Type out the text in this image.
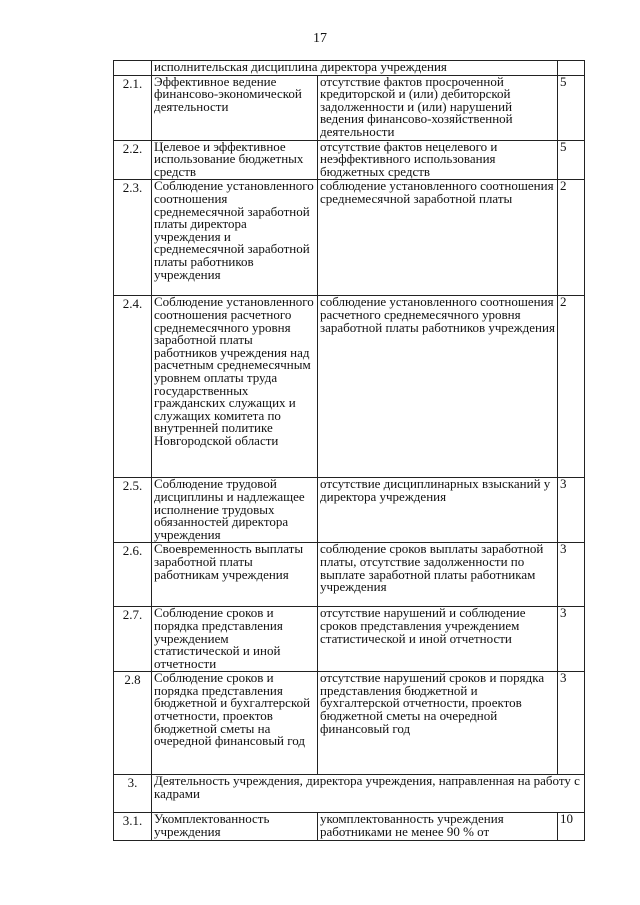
17
	исполнительская дисциплина директора учреждения		
2.1.	Эффективное ведение финансово-экономической деятельности	отсутствие фактов просроченной кредиторской и (или) дебиторской задолженности и (или) нарушений ведения финансово-хозяйственной деятельности	5
2.2.	Целевое и эффективное использование бюджетных средств	отсутствие фактов нецелевого и неэффективного использования бюджетных средств	5
2.3.	Соблюдение установленного соотношения среднемесячной заработной платы директора учреждения и среднемесячной заработной платы работников учреждения	соблюдение установленного соотношения среднемесячной заработной платы	2
2.4.	Соблюдение установленного соотношения расчетного среднемесячного уровня заработной платы работников учреждения над расчетным среднемесячным уровнем оплаты труда государственных гражданских служащих и служащих комитета по внутренней политике Новгородской области	соблюдение установленного соотношения расчетного среднемесячного уровня заработной платы работников учреждения	2
2.5.	Соблюдение трудовой дисциплины и надлежащее исполнение трудовых обязанностей директора учреждения	отсутствие дисциплинарных взысканий у директора учреждения	3
2.6.	Своевременность выплаты заработной платы работникам учреждения	соблюдение сроков выплаты заработной платы, отсутствие задолженности по выплате заработной платы работникам учреждения	3
2.7.	Соблюдение сроков и порядка представления учреждением статистической и иной отчетности	отсутствие нарушений и соблюдение сроков представления учреждением статистической и иной отчетности	3
2.8	Соблюдение сроков и порядка представления бюджетной и бухгалтерской отчетности, проектов бюджетной сметы на очередной финансовый год	отсутствие нарушений сроков и порядка представления бюджетной и бухгалтерской отчетности, проектов бюджетной сметы на очередной финансовый год	3
3.	Деятельность учреждения, директора учреждения, направленная на работу с кадрами		
3.1.	Укомплектованность учреждения	укомплектованность учреждения работниками не менее 90 % от	10
